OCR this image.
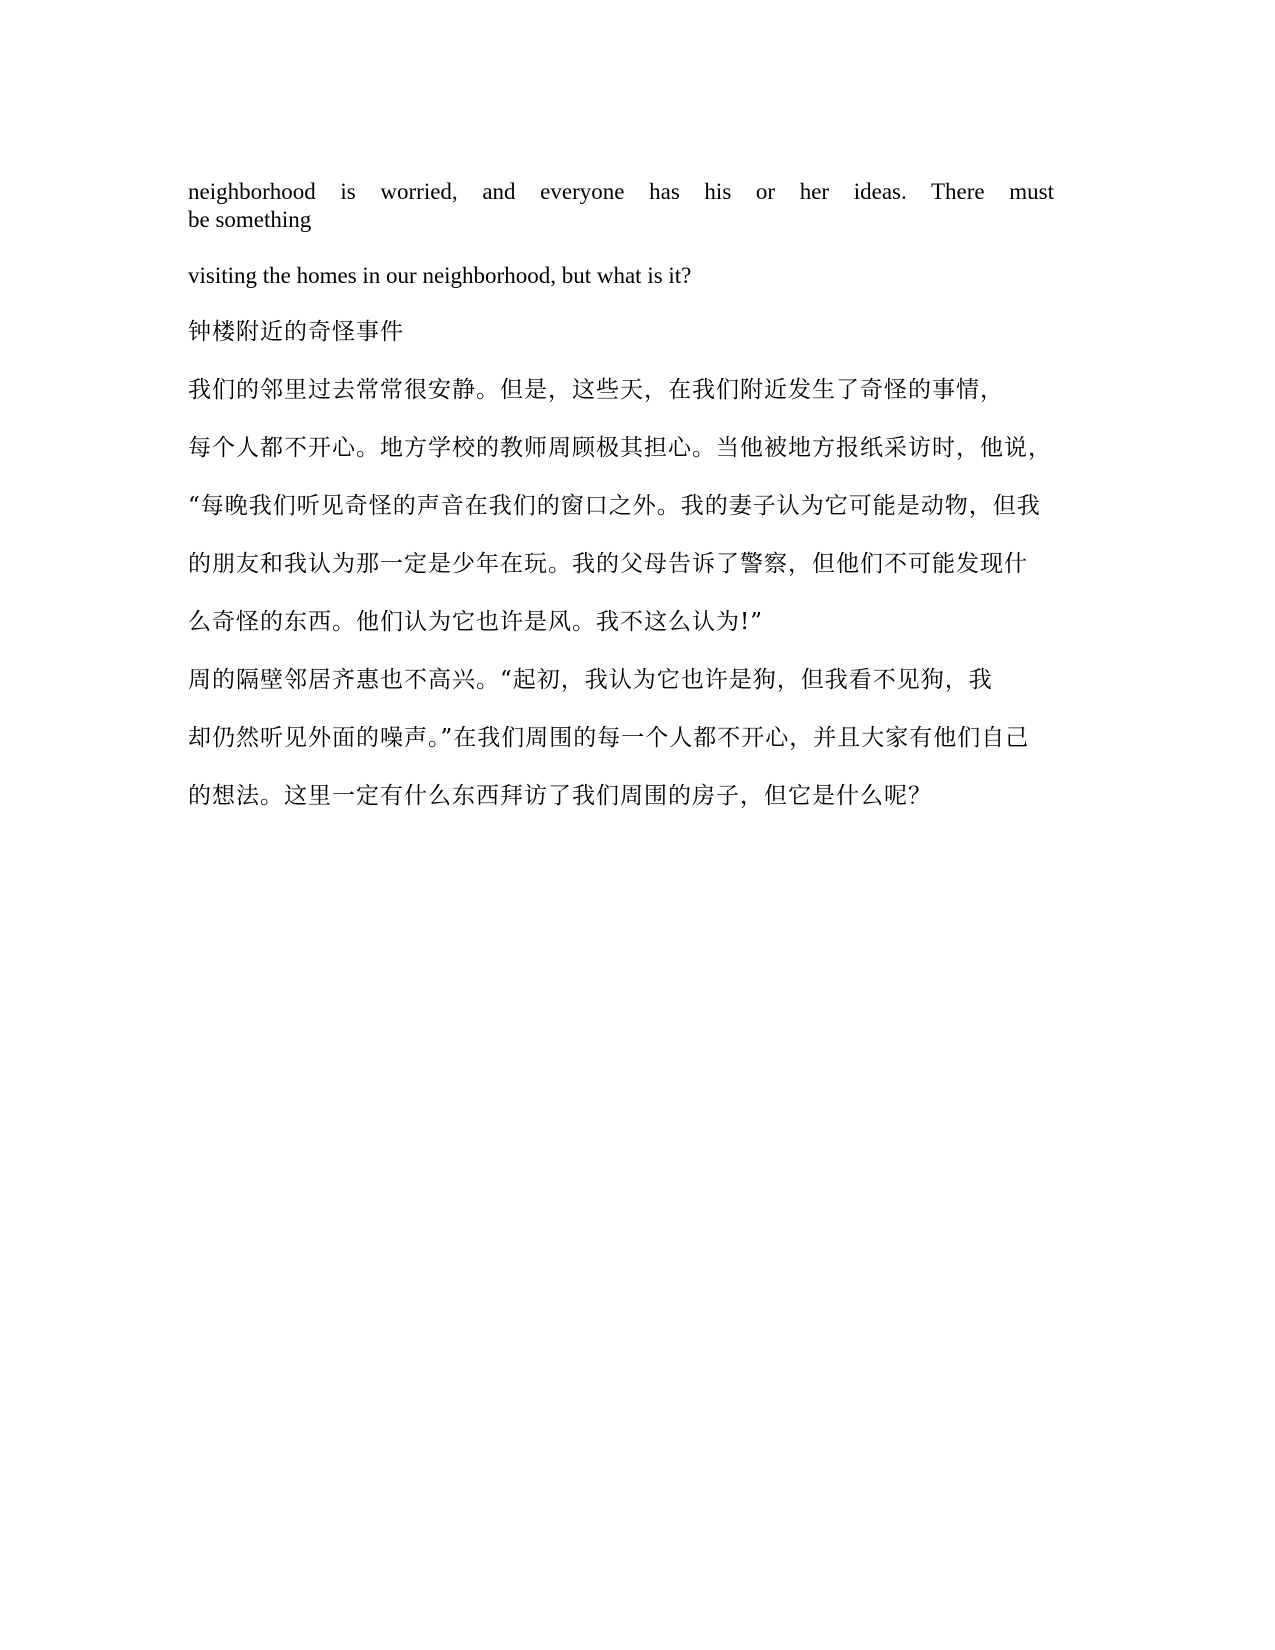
neighborhood is worried, and everyone has his or her ideas. There must
be something
visiting the homes in our neighborhood, but what is it?
钟楼附近的奇怪事件
我们的邻里过去常常很安静。但是，这些天，在我们附近发生了奇怪的事情，
每个人都不开心。地方学校的教师周顾极其担心。当他被地方报纸采访时，他说，
“每晚我们听见奇怪的声音在我们的窗口之外。我的妻子认为它可能是动物，但我
的朋友和我认为那一定是少年在玩。我的父母告诉了警察，但他们不可能发现什
么奇怪的东西。他们认为它也许是风。我不这么认为!”
周的隔壁邻居齐惠也不高兴。“起初，我认为它也许是狗，但我看不见狗，我
却仍然听见外面的噪声。”在我们周围的每一个人都不开心，并且大家有他们自己
的想法。这里一定有什么东西拜访了我们周围的房子，但它是什么呢？
